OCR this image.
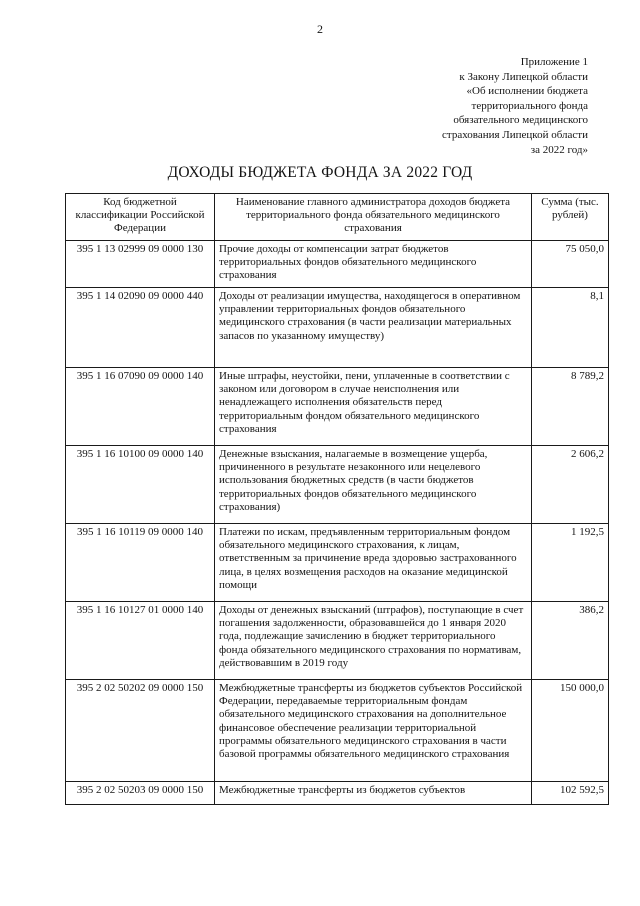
2
Приложение 1
к Закону Липецкой области
«Об исполнении бюджета
территориального фонда
обязательного медицинского
страхования Липецкой области
за 2022 год»
ДОХОДЫ БЮДЖЕТА ФОНДА ЗА 2022 ГОД
Код бюджетной классификации Российской Федерации	Наименование главного администратора доходов бюджета территориального фонда обязательного медицинского страхования	Сумма (тыс. рублей)
395 1 13 02999 09 0000 130	Прочие доходы от компенсации затрат бюджетов территориальных фондов обязательного медицинского страхования	75 050,0
395 1 14 02090 09 0000 440	Доходы от реализации имущества, находящегося в оперативном управлении территориальных фондов обязательного медицинского страхования (в части реализации материальных запасов по указанному имуществу)	8,1
395 1 16 07090 09 0000 140	Иные штрафы, неустойки, пени, уплаченные в соответствии с законом или договором в случае неисполнения или ненадлежащего исполнения обязательств перед территориальным фондом обязательного медицинского страхования	8 789,2
395 1 16 10100 09 0000 140	Денежные взыскания, налагаемые в возмещение ущерба, причиненного в результате незаконного или нецелевого использования бюджетных средств (в части бюджетов территориальных фондов обязательного медицинского страхования)	2 606,2
395 1 16 10119 09 0000 140	Платежи по искам, предъявленным территориальным фондом обязательного медицинского страхования, к лицам, ответственным за причинение вреда здоровью застрахованного лица, в целях возмещения расходов на оказание медицинской помощи	1 192,5
395 1 16 10127 01 0000 140	Доходы от денежных взысканий (штрафов), поступающие в счет погашения задолженности, образовавшейся до 1 января 2020 года, подлежащие зачислению в бюджет территориального фонда обязательного медицинского страхования по нормативам, действовавшим в 2019 году	386,2
395 2 02 50202 09 0000 150	Межбюджетные трансферты из бюджетов субъектов Российской Федерации, передаваемые территориальным фондам обязательного медицинского страхования на дополнительное финансовое обеспечение реализации территориальной программы обязательного медицинского страхования в части базовой программы обязательного медицинского страхования	150 000,0
395 2 02 50203 09 0000 150	Межбюджетные трансферты из бюджетов субъектов	102 592,5
